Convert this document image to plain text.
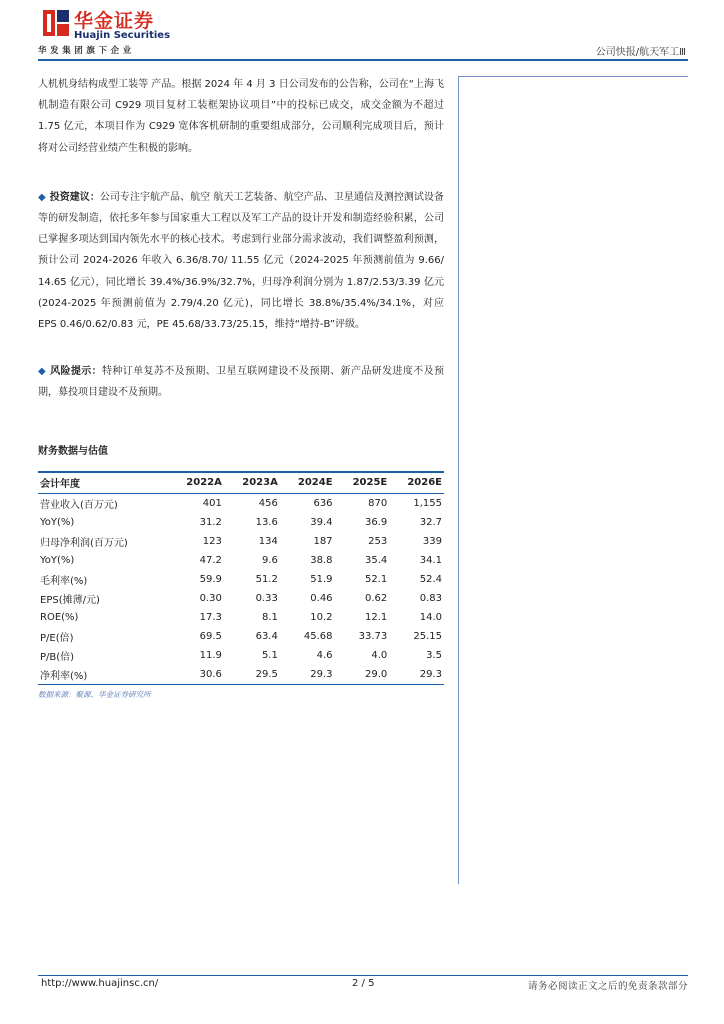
华金证券
Huajin Securities
华发集团旗下企业	公司快报/航天军工Ⅲ

人机机身结构成型工装等 产品。根据 2024 年 4 月 3 日公司发布的公告称，公司在“上海飞机制造有限公司 C929 项目复材工装框架协议项目”中的投标已成交，成交金额为不超过 1.75 亿元，本项目作为 C929 宽体客机研制的重要组成部分，公司顺利完成项目后，预计将对公司经营业绩产生积极的影响。

◆ 投资建议：公司专注宇航产品、航空 航天工艺装备、航空产品、卫星通信及测控测试设备等的研发制造，依托多年参与国家重大工程以及军工产品的设计开发和制造经验积累，公司已掌握多项达到国内领先水平的核心技术。考虑到行业部分需求波动，我们调整盈利预测，预计公司 2024-2026 年收入 6.36/8.70/ 11.55 亿元（2024-2025 年预测前值为 9.66/ 14.65 亿元），同比增长 39.4%/36.9%/32.7%，归母净利润分别为 1.87/2.53/3.39 亿元(2024-2025 年预测前值为 2.79/4.20 亿元)，同比增长 38.8%/35.4%/34.1%，对应 EPS 0.46/0.62/0.83 元，PE 45.68/33.73/25.15，维持“增持-B”评级。

◆ 风险提示：特种订单复苏不及预期、卫星互联网建设不及预期、新产品研发进度不及预期，募投项目建设不及预期。

财务数据与估值
会计年度	2022A	2023A	2024E	2025E	2026E
营业收入(百万元)	401	456	636	870	1,155
YoY(%)	31.2	13.6	39.4	36.9	32.7
归母净利润(百万元)	123	134	187	253	339
YoY(%)	47.2	9.6	38.8	35.4	34.1
毛利率(%)	59.9	51.2	51.9	52.1	52.4
EPS(摊薄/元)	0.30	0.33	0.46	0.62	0.83
ROE(%)	17.3	8.1	10.2	12.1	14.0
P/E(倍)	69.5	63.4	45.68	33.73	25.15
P/B(倍)	11.9	5.1	4.6	4.0	3.5
净利率(%)	30.6	29.5	29.3	29.0	29.3
数据来源：聚源、华金证券研究所
http://www.huajinsc.cn/	2 / 5	请务必阅读正文之后的免责条款部分
